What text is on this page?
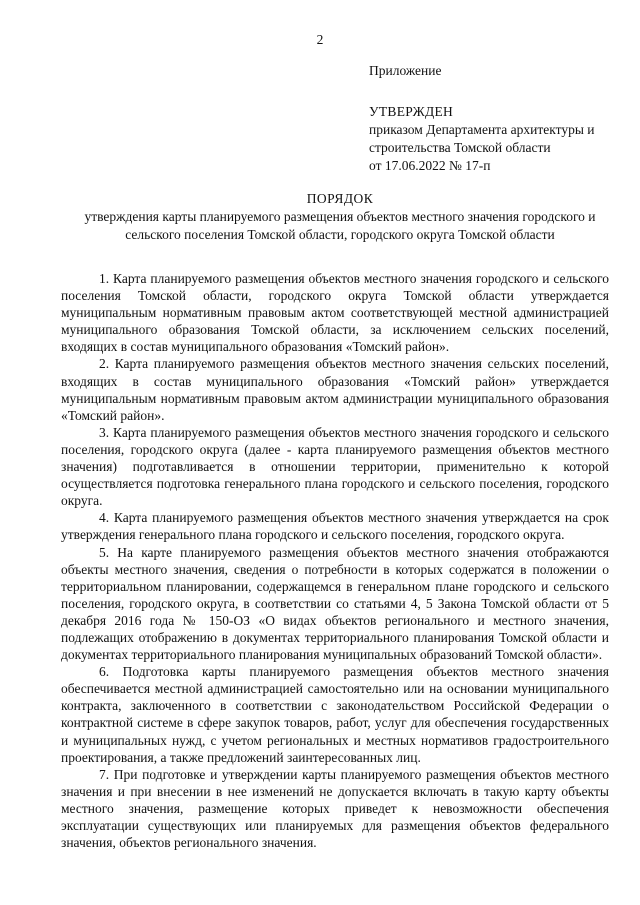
2

Приложение

УТВЕРЖДЕН

приказом Департамента архитектуры и

строительства Томской области

от 17.06.2022 № 17-п

ПОРЯДОК

утверждения карты планируемого размещения объектов местного значения городского и

сельского поселения Томской области, городского округа Томской области

1. Карта планируемого размещения объектов местного значения городского и сельского поселения Томской области, городского округа Томской области утверждается муниципальным нормативным правовым актом соответствующей местной администрацией муниципального образования Томской области, за исключением сельских поселений, входящих в состав муниципального образования «Томский район».

2. Карта планируемого размещения объектов местного значения сельских поселений, входящих в состав муниципального образования «Томский район» утверждается муниципальным нормативным правовым актом администрации муниципального образования «Томский район».

3. Карта планируемого размещения объектов местного значения городского и сельского поселения, городского округа (далее - карта планируемого размещения объектов местного значения) подготавливается в отношении территории, применительно к которой осуществляется подготовка генерального плана городского и сельского поселения, городского округа.

4. Карта планируемого размещения объектов местного значения утверждается на срок утверждения генерального плана городского и сельского поселения, городского округа.

5. На карте планируемого размещения объектов местного значения отображаются объекты местного значения, сведения о потребности в которых содержатся в положении о территориальном планировании, содержащемся в генеральном плане городского и сельского поселения, городского округа, в соответствии со статьями 4, 5 Закона Томской области от 5 декабря 2016 года № 150-ОЗ «О видах объектов регионального и местного значения, подлежащих отображению в документах территориального планирования Томской области и документах территориального планирования муниципальных образований Томской области».

6. Подготовка карты планируемого размещения объектов местного значения обеспечивается местной администрацией самостоятельно или на основании муниципального контракта, заключенного в соответствии с законодательством Российской Федерации о контрактной системе в сфере закупок товаров, работ, услуг для обеспечения государственных и муниципальных нужд, с учетом региональных и местных нормативов градостроительного проектирования, а также предложений заинтересованных лиц.

7. При подготовке и утверждении карты планируемого размещения объектов местного значения и при внесении в нее изменений не допускается включать в такую карту объекты местного значения, размещение которых приведет к невозможности обеспечения эксплуатации существующих или планируемых для размещения объектов федерального значения, объектов регионального значения.
